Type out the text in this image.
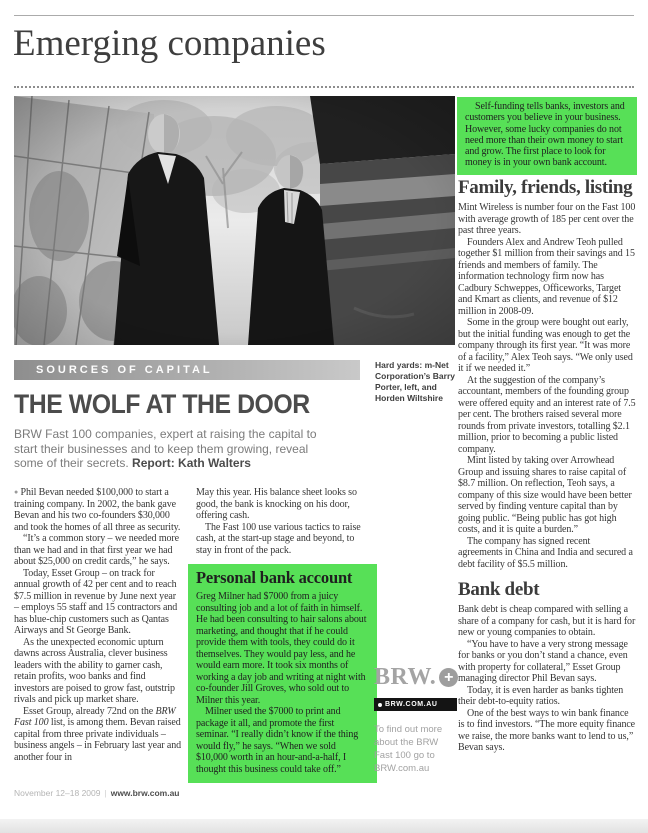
Emerging companies

Self-funding tells banks, investors and customers you believe in your business. However, some lucky companies do not need more than their own money to start and grow. The first place to look for money is in your own bank account.

SOURCES OF CAPITAL	Hard yards: m-Net Corporation’s Barry Porter, left, and Horden Wiltshire
THE WOLF AT THE DOOR

BRW Fast 100 companies, expert at raising the capital to start their businesses and to keep them growing, reveal some of their secrets. Report: Kath Walters

● Phil Bevan needed $100,000 to start a training company. In 2002, the bank gave Bevan and his two co-founders $30,000 and took the homes of all three as security.

“It’s a common story – we needed more than we had and in that first year we had about $25,000 on credit cards,” he says.

Today, Esset Group – on track for annual growth of 42 per cent and to reach $7.5 million in revenue by June next year – employs 55 staff and 15 contractors and has blue-chip customers such as Qantas Airways and St George Bank.

As the unexpected economic upturn dawns across Australia, clever business leaders with the ability to garner cash, retain profits, woo banks and find investors are poised to grow fast, outstrip rivals and pick up market share.

Esset Group, already 72nd on the BRW Fast 100 list, is among them. Bevan raised capital from three private individuals – business angels – in February last year and another four in

May this year. His balance sheet looks so good, the bank is knocking on his door, offering cash.

The Fast 100 use various tactics to raise cash, at the start-up stage and beyond, to stay in front of the pack.

Personal bank account

Greg Milner had $7000 from a juicy consulting job and a lot of faith in himself. He had been consulting to hair salons about marketing, and thought that if he could provide them with tools, they could do it themselves. They would pay less, and he would earn more. It took six months of working a day job and writing at night with co-founder Jill Groves, who sold out to Milner this year.

Milner used the $7000 to print and package it all, and promote the first seminar. “I really didn’t know if the thing would fly,” he says. “When we sold $10,000 worth in an hour-and-a-half, I thought this business could take off.”

Family, friends, listing

Mint Wireless is number four on the Fast 100 with average growth of 185 per cent over the past three years.

Founders Alex and Andrew Teoh pulled together $1 million from their savings and 15 friends and members of family. The information technology firm now has Cadbury Schweppes, Officeworks, Target and Kmart as clients, and revenue of $12 million in 2008-09.

Some in the group were bought out early, but the initial funding was enough to get the company through its first year. “It was more of a facility,” Alex Teoh says. “We only used it if we needed it.”

At the suggestion of the company’s accountant, members of the founding group were offered equity and an interest rate of 7.5 per cent. The brothers raised several more rounds from private investors, totalling $2.1 million, prior to becoming a public listed company.

Mint listed by taking over Arrowhead Group and issuing shares to raise capital of $8.7 million. On reflection, Teoh says, a company of this size would have been better served by finding venture capital than by going public. “Being public has got high costs, and it is quite a burden.”

The company has signed recent agreements in China and India and secured a debt facility of $5.5 million.

Bank debt

Bank debt is cheap compared with selling a share of a company for cash, but it is hard for new or young companies to obtain.

“You have to have a very strong message for banks or you don’t stand a chance, even with property for collateral,” Esset Group managing director Phil Bevan says.

Today, it is even harder as banks tighten their debt-to-equity ratios.

One of the best ways to win bank finance is to find investors. “The more equity finance we raise, the more banks want to lend to us,” Bevan says.

BRW. +
BRW.COM.AU

To find out more about the BRW Fast 100 go to BRW.com.au

November 12–18 2009 | www.brw.com.au
